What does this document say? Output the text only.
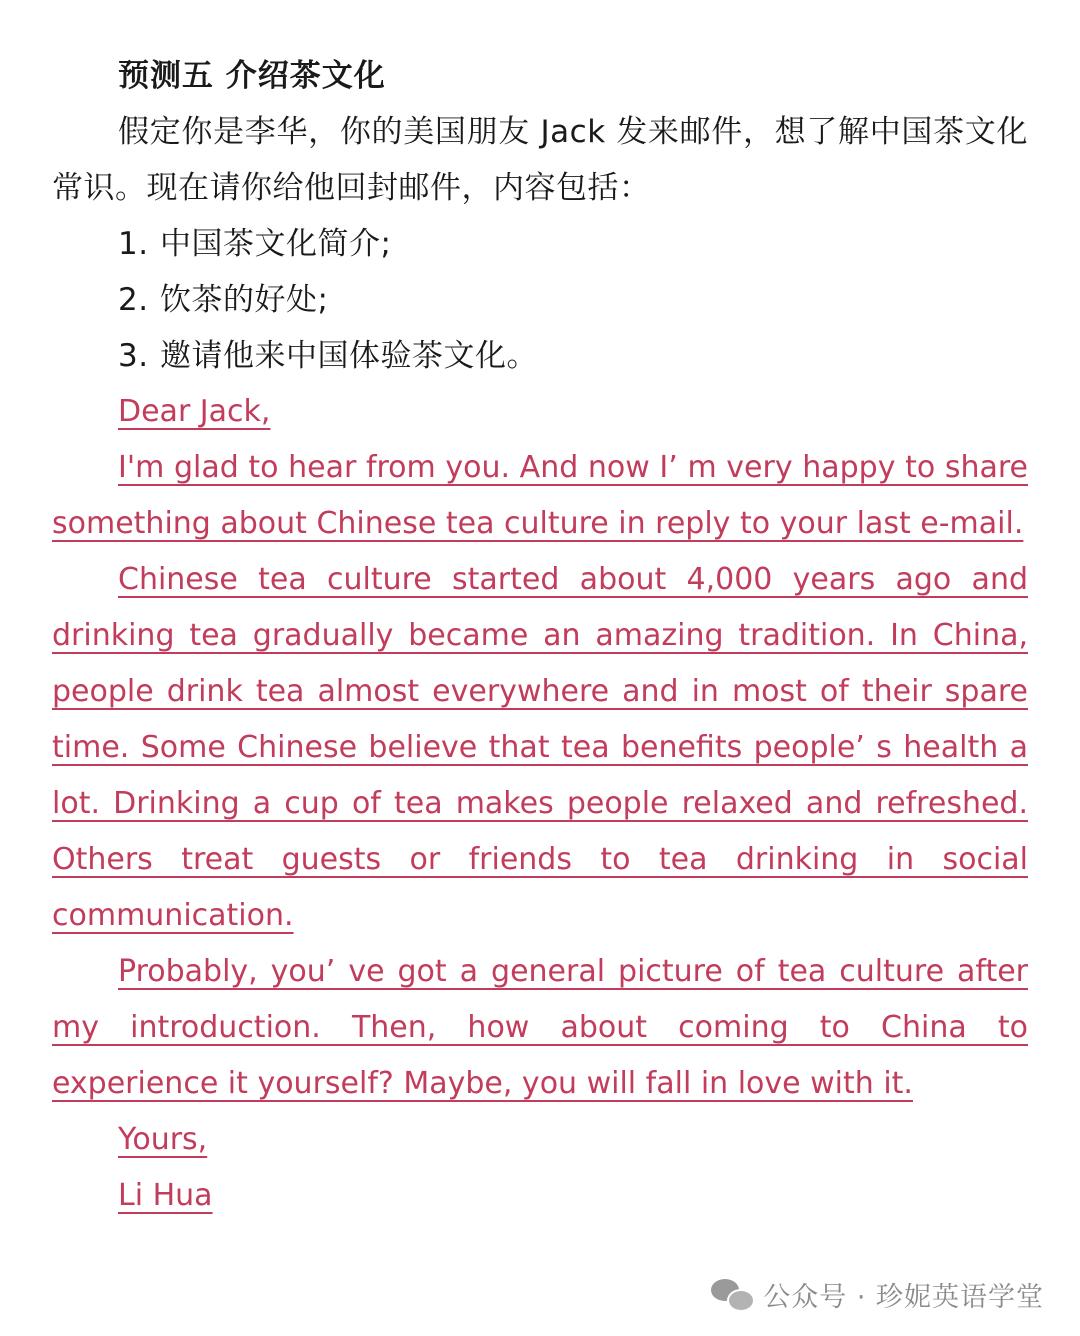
预测五 介绍茶文化

假定你是李华，你的美国朋友 Jack 发来邮件，想了解中国茶文化常识。现在请你给他回封邮件，内容包括：

1. 中国茶文化简介;
2. 饮茶的好处;
3. 邀请他来中国体验茶文化。

Dear Jack,

I'm glad to hear from you. And now I’ m very happy to share something about Chinese tea culture in reply to your last e-mail.

Chinese tea culture started about 4,000 years ago and drinking tea gradually became an amazing tradition. In China, people drink tea almost everywhere and in most of their spare time. Some Chinese believe that tea benefits people’ s health a lot. Drinking a cup of tea makes people relaxed and refreshed. Others treat guests or friends to tea drinking in social communication.

Probably, you’ ve got a general picture of tea culture after my introduction. Then, how about coming to China to experience it yourself? Maybe, you will fall in love with it.

Yours,

Li Hua

公众号 · 珍妮英语学堂
